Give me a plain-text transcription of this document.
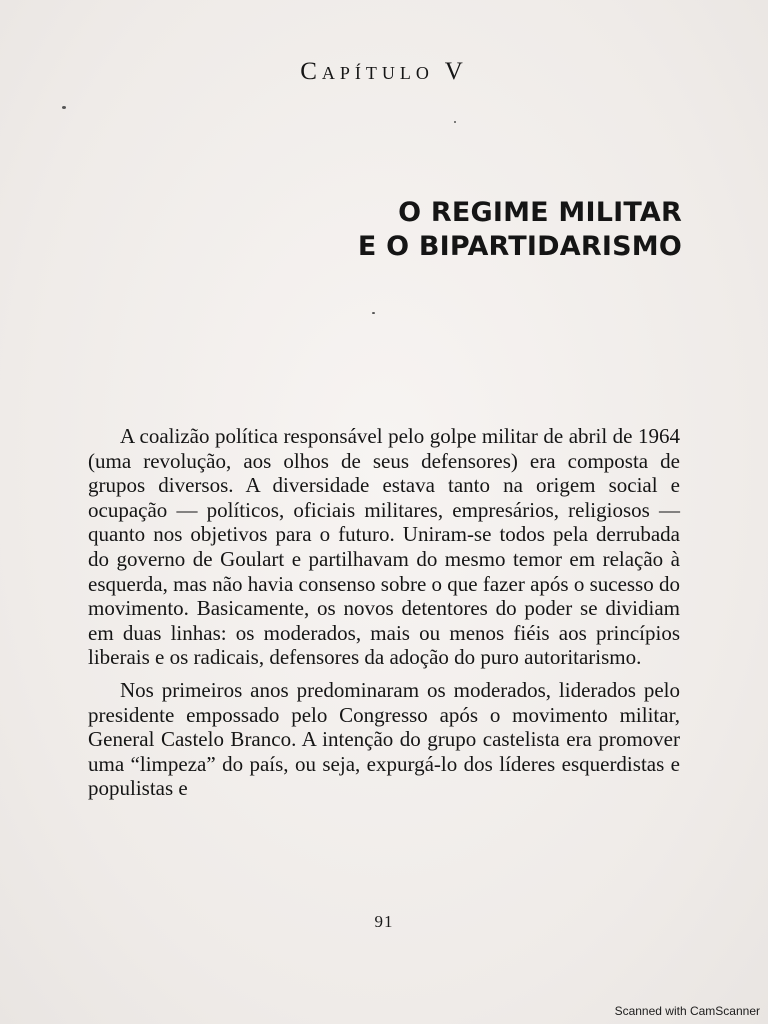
Capítulo V
O REGIME MILITAR
E O BIPARTIDARISMO

A coalizão política responsável pelo golpe militar de abril de 1964 (uma revolução, aos olhos de seus defensores) era composta de grupos diversos. A diversidade estava tanto na origem social e ocupação — políticos, oficiais militares, empresários, religiosos — quanto nos objetivos para o futuro. Uniram-se todos pela derrubada do governo de Goulart e partilhavam do mesmo temor em relação à esquerda, mas não havia consenso sobre o que fazer após o sucesso do movimento. Basicamente, os novos detentores do poder se dividiam em duas linhas: os moderados, mais ou menos fiéis aos princípios liberais e os radicais, defensores da adoção do puro autoritarismo.

Nos primeiros anos predominaram os moderados, liderados pelo presidente empossado pelo Congresso após o movimento militar, General Castelo Branco. A intenção do grupo castelista era promover uma “limpeza” do país, ou seja, expurgá-lo dos líderes esquerdistas e populistas e

91
Scanned with CamScanner
